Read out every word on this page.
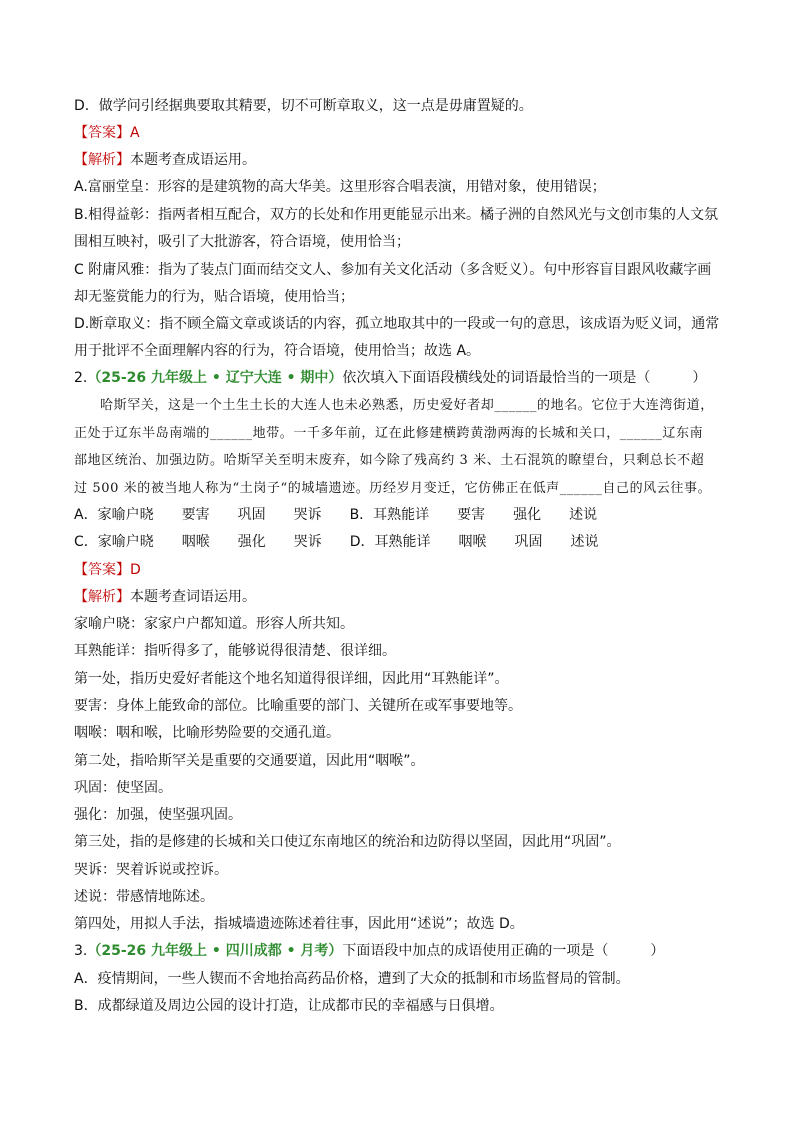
D．做学问引经据典要取其精要，切不可断章取义，这一点是毋庸置疑的。
【答案】A
【解析】本题考查成语运用。
A.富丽堂皇：形容的是建筑物的高大华美。这里形容合唱表演，用错对象，使用错误；
B.相得益彰：指两者相互配合，双方的长处和作用更能显示出来。橘子洲的自然风光与文创市集的人文氛
围相互映衬，吸引了大批游客，符合语境，使用恰当；
C 附庸风雅：指为了装点门面而结交文人、参加有关文化活动（多含贬义）。句中形容盲目跟风收藏字画
却无鉴赏能力的行为，贴合语境，使用恰当；
D.断章取义：指不顾全篇文章或谈话的内容，孤立地取其中的一段或一句的意思，该成语为贬义词，通常
用于批评不全面理解内容的行为，符合语境，使用恰当；故选 A。
2.（25-26 九年级上 • 辽宁大连 • 期中）依次填入下面语段横线处的词语最恰当的一项是（　　　）
哈斯罕关，这是一个土生土长的大连人也未必熟悉，历史爱好者却______的地名。它位于大连湾街道，
正处于辽东半岛南端的______地带。一千多年前，辽在此修建横跨黄渤两海的长城和关口，______辽东南
部地区统治、加强边防。哈斯罕关至明末废弃，如今除了残高约 3 米、土石混筑的瞭望台，只剩总长不超
过 500 米的被当地人称为“土岗子“的城墙遗迹。历经岁月变迁，它仿佛正在低声______自己的风云往事。
A．家喻户晓　　要害　　巩固　　哭诉　　B．耳熟能详　　要害　　强化　　述说
C．家喻户晓　　咽喉　　强化　　哭诉　　D．耳熟能详　　咽喉　　巩固　　述说
【答案】D
【解析】本题考查词语运用。
家喻户晓：家家户户都知道。形容人所共知。
耳熟能详：指听得多了，能够说得很清楚、很详细。
第一处，指历史爱好者能这个地名知道得很详细，因此用“耳熟能详”。
要害：身体上能致命的部位。比喻重要的部门、关键所在或军事要地等。
咽喉：咽和喉，比喻形势险要的交通孔道。
第二处，指哈斯罕关是重要的交通要道，因此用“咽喉”。
巩固：使坚固。
强化：加强，使坚强巩固。
第三处，指的是修建的长城和关口使辽东南地区的统治和边防得以坚固，因此用“巩固”。
哭诉：哭着诉说或控诉。
述说：带感情地陈述。
第四处，用拟人手法，指城墙遗迹陈述着往事，因此用“述说”；故选 D。
3.（25-26 九年级上 • 四川成都 • 月考）下面语段中加点的成语使用正确的一项是（　　　）
A．疫情期间，一些人锲而不舍地抬高药品价格，遭到了大众的抵制和市场监督局的管制。
B．成都绿道及周边公园的设计打造，让成都市民的幸福感与日俱增。
